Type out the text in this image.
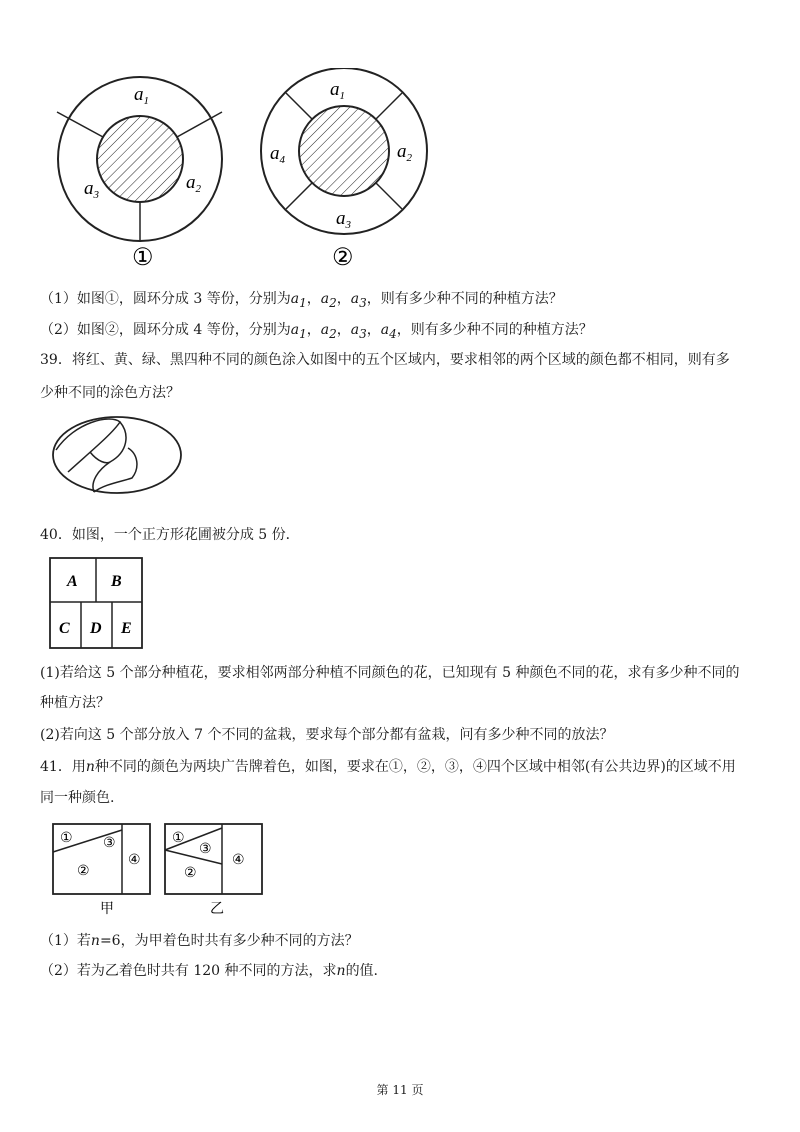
$a_1$
$a_2$
$a_3$
①
$a_1$
$a_2$
$a_3$
$a_4$
②
（1）如图①，圆环分成 3 等份，分别为$a_1$，$a_2$，$a_3$，则有多少种不同的种植方法？
（2）如图②，圆环分成 4 等份，分别为$a_1$，$a_2$，$a_3$，$a_4$，则有多少种不同的种植方法？
39．将红、黄、绿、黑四种不同的颜色涂入如图中的五个区域内，要求相邻的两个区域的颜色都不相同，则有多
少种不同的涂色方法？
40．如图，一个正方形花圃被分成 5 份．
A B
C D E
(1)若给这 5 个部分种植花，要求相邻两部分种植不同颜色的花，已知现有 5 种颜色不同的花，求有多少种不同的
种植方法？
(2)若向这 5 个部分放入 7 个不同的盆栽，要求每个部分都有盆栽，问有多少种不同的放法？
41．用n种不同的颜色为两块广告牌着色，如图，要求在①，②，③，④四个区域中相邻(有公共边界)的区域不用
同一种颜色.
①
②
③
④
甲
①
②
③
④
乙
（1）若n=6，为甲着色时共有多少种不同的方法？
（2）若为乙着色时共有 120 种不同的方法，求n的值.
第 11 页
